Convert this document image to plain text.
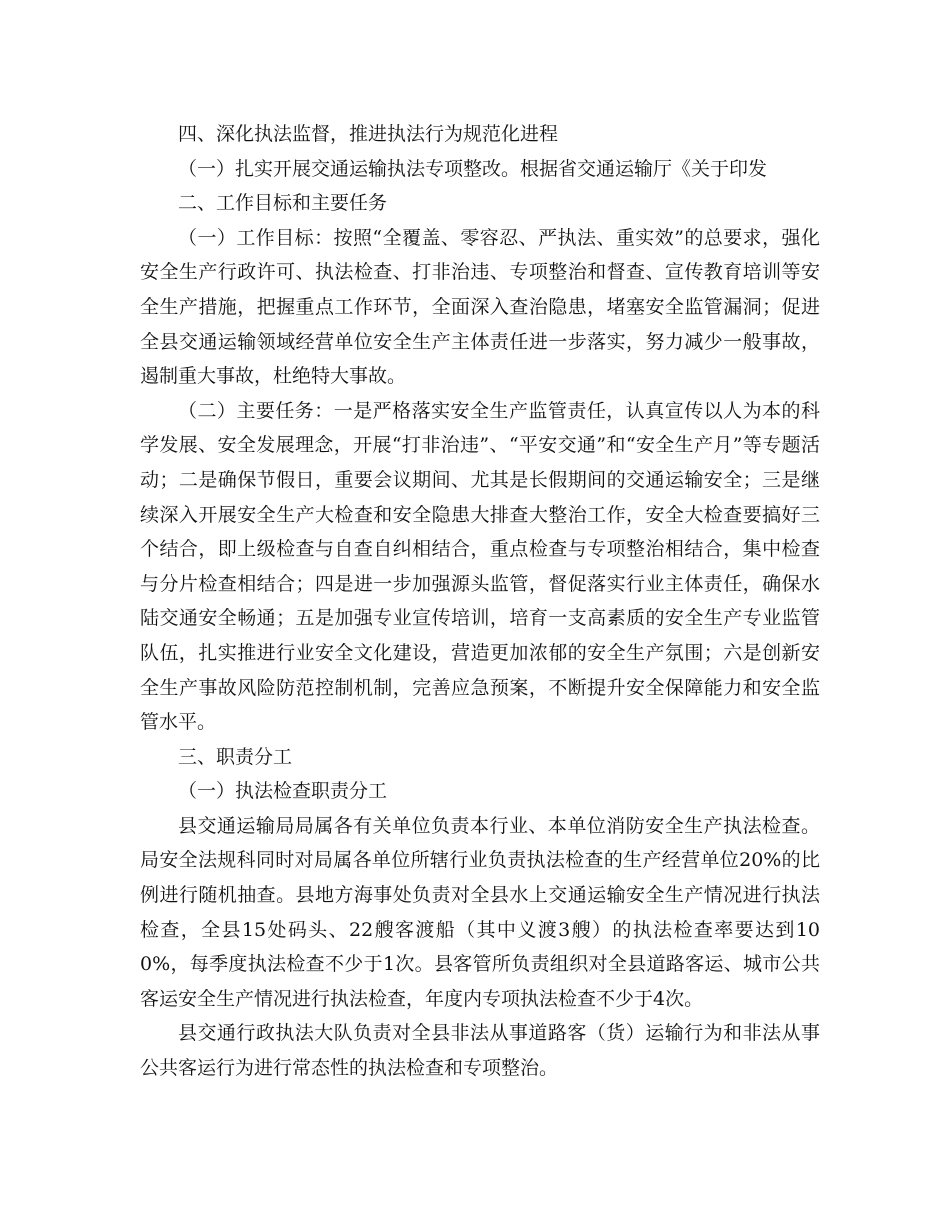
四、深化执法监督，推进执法行为规范化进程

（一）扎实开展交通运输执法专项整改。根据省交通运输厅《关于印发

二、工作目标和主要任务

（一）工作目标：按照“全覆盖、零容忍、严执法、重实效”的总要求，强化安全生产行政许可、执法检查、打非治违、专项整治和督查、宣传教育培训等安全生产措施，把握重点工作环节，全面深入查治隐患，堵塞安全监管漏洞；促进全县交通运输领域经营单位安全生产主体责任进一步落实，努力减少一般事故，遏制重大事故，杜绝特大事故。

（二）主要任务：一是严格落实安全生产监管责任，认真宣传以人为本的科学发展、安全发展理念，开展“打非治违”、“平安交通”和“安全生产月”等专题活动；二是确保节假日，重要会议期间、尤其是长假期间的交通运输安全；三是继续深入开展安全生产大检查和安全隐患大排查大整治工作，安全大检查要搞好三个结合，即上级检查与自查自纠相结合，重点检查与专项整治相结合，集中检查与分片检查相结合；四是进一步加强源头监管，督促落实行业主体责任，确保水陆交通安全畅通；五是加强专业宣传培训，培育一支高素质的安全生产专业监管队伍，扎实推进行业安全文化建设，营造更加浓郁的安全生产氛围；六是创新安全生产事故风险防范控制机制，完善应急预案，不断提升安全保障能力和安全监管水平。

三、职责分工

（一）执法检查职责分工

县交通运输局局属各有关单位负责本行业、本单位消防安全生产执法检查。局安全法规科同时对局属各单位所辖行业负责执法检查的生产经营单位20%的比例进行随机抽查。县地方海事处负责对全县水上交通运输安全生产情况进行执法检查，全县15处码头、22艘客渡船（其中义渡3艘）的执法检查率要达到100%，每季度执法检查不少于1次。县客管所负责组织对全县道路客运、城市公共客运安全生产情况进行执法检查，年度内专项执法检查不少于4次。

县交通行政执法大队负责对全县非法从事道路客（货）运输行为和非法从事公共客运行为进行常态性的执法检查和专项整治。
